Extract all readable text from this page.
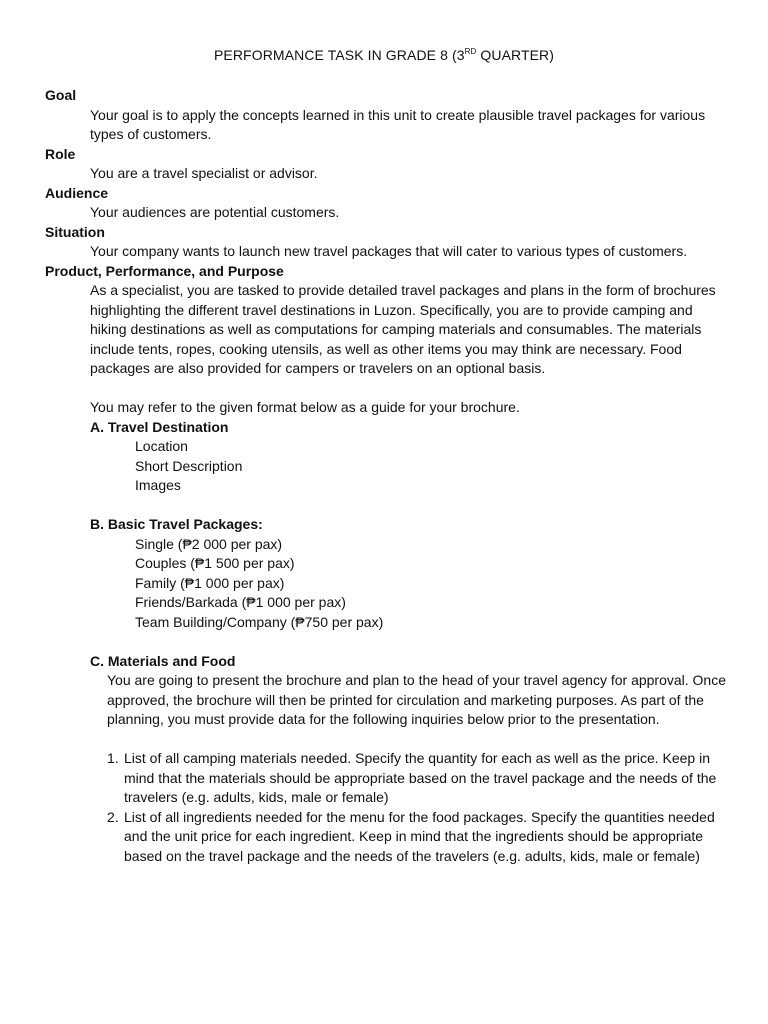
PERFORMANCE TASK IN GRADE 8 (3RD QUARTER)

Goal

Your goal is to apply the concepts learned in this unit to create plausible travel packages for various types of customers.

Role

You are a travel specialist or advisor.

Audience

Your audiences are potential customers.

Situation

Your company wants to launch new travel packages that will cater to various types of customers.

Product, Performance, and Purpose

As a specialist, you are tasked to provide detailed travel packages and plans in the form of brochures highlighting the different travel destinations in Luzon. Specifically, you are to provide camping and hiking destinations as well as computations for camping materials and consumables. The materials include tents, ropes, cooking utensils, as well as other items you may think are necessary. Food packages are also provided for campers or travelers on an optional basis.

You may refer to the given format below as a guide for your brochure.

A. Travel Destination

Location
Short Description
Images

B. Basic Travel Packages:

Single (₱2 000 per pax)
Couples (₱1 500 per pax)
Family (₱1 000 per pax)
Friends/Barkada (₱1 000 per pax)
Team Building/Company (₱750 per pax)

C. Materials and Food

You are going to present the brochure and plan to the head of your travel agency for approval. Once approved, the brochure will then be printed for circulation and marketing purposes. As part of the planning, you must provide data for the following inquiries below prior to the presentation.

1. List of all camping materials needed. Specify the quantity for each as well as the price. Keep in mind that the materials should be appropriate based on the travel package and the needs of the travelers (e.g. adults, kids, male or female)
2. List of all ingredients needed for the menu for the food packages. Specify the quantities needed and the unit price for each ingredient. Keep in mind that the ingredients should be appropriate based on the travel package and the needs of the travelers (e.g. adults, kids, male or female)
